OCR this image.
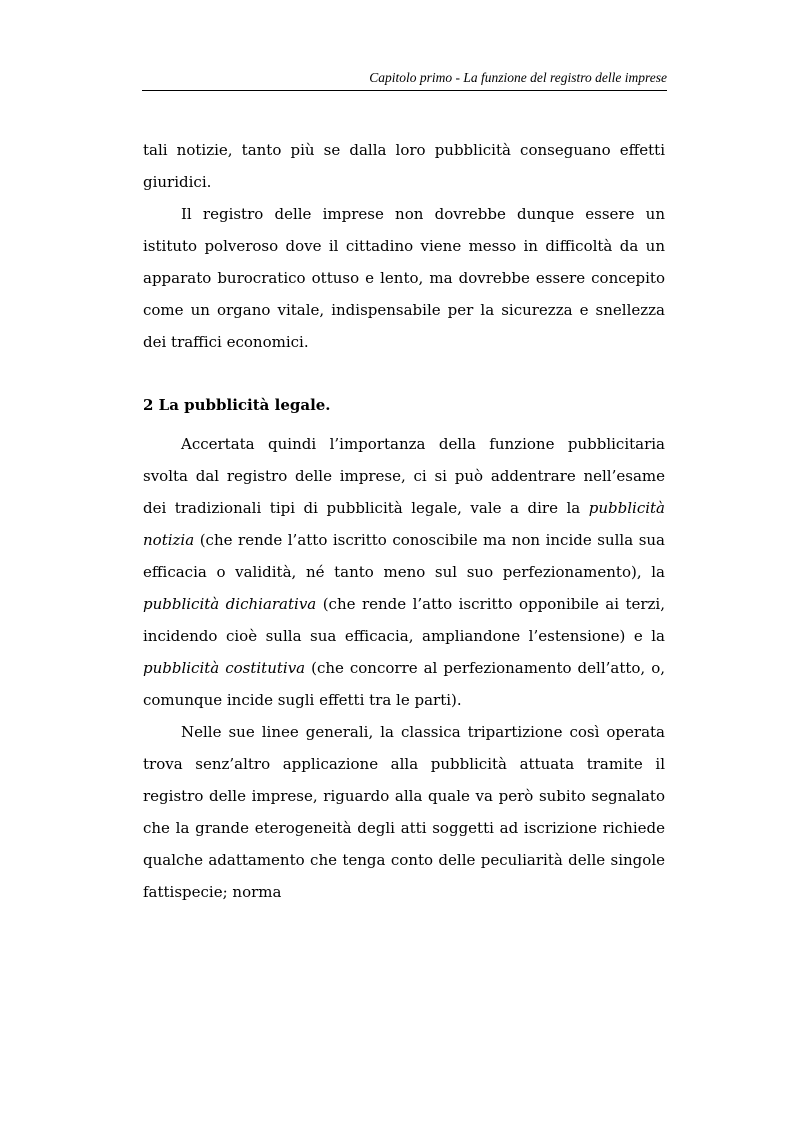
Capitolo primo - La funzione del registro delle imprese

tali notizie, tanto più se dalla loro pubblicità conseguano effetti giuridici.

Il registro delle imprese non dovrebbe dunque essere un istituto polveroso dove il cittadino viene messo in difficoltà da un apparato burocratico ottuso e lento, ma dovrebbe essere concepito come un organo vitale, indispensabile per la sicurezza e snellezza dei traffici economici.

2 La pubblicità legale.

Accertata quindi l’importanza della funzione pubblicitaria svolta dal registro delle imprese, ci si può addentrare nell’esame dei tradizionali tipi di pubblicità legale, vale a dire la pubblicità notizia (che rende l’atto iscritto conoscibile ma non incide sulla sua efficacia o validità, né tanto meno sul suo perfezionamento), la pubblicità dichiarativa (che rende l’atto iscritto opponibile ai terzi, incidendo cioè sulla sua efficacia, ampliandone l’estensione) e la pubblicità costitutiva (che concorre al perfezionamento dell’atto, o, comunque incide sugli effetti tra le parti).

Nelle sue linee generali, la classica tripartizione così operata trova senz’altro applicazione alla pubblicità attuata tramite il registro delle imprese, riguardo alla quale va però subito segnalato che la grande eterogeneità degli atti soggetti ad iscrizione richiede qualche adattamento che tenga conto delle peculiarità delle singole fattispecie; norma
